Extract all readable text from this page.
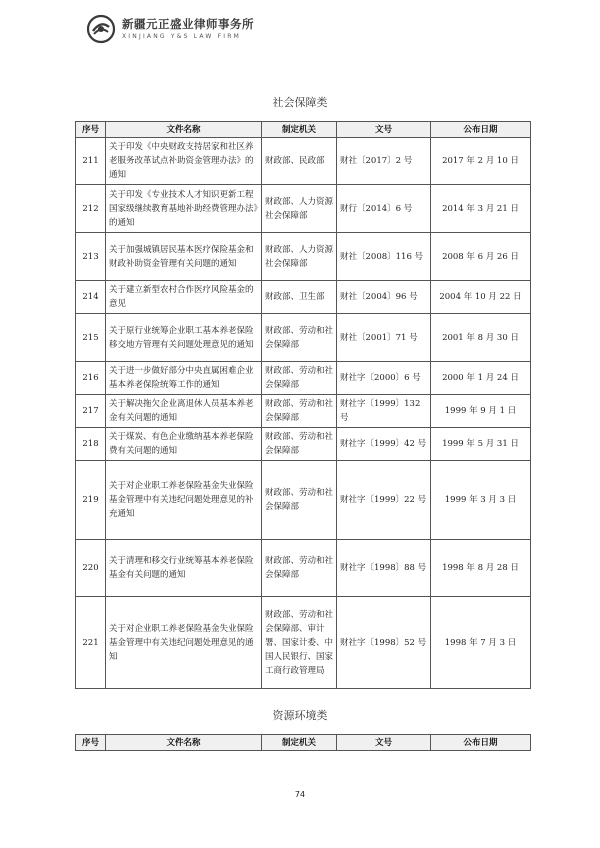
新疆元正盛业律师事务所
XINJIANG Y&S LAW FIRM
社会保障类
序号	文件名称	制定机关	文号	公布日期
211	关于印发《中央财政支持居家和社区养老服务改革试点补助资金管理办法》的通知	财政部、民政部	财社〔2017〕2 号	2017 年 2 月 10 日
212	关于印发《专业技术人才知识更新工程国家级继续教育基地补助经费管理办法》的通知	财政部、人力资源社会保障部	财行〔2014〕6 号	2014 年 3 月 21 日
213	关于加强城镇居民基本医疗保险基金和财政补助资金管理有关问题的通知	财政部、人力资源社会保障部	财社〔2008〕116 号	2008 年 6 月 26 日
214	关于建立新型农村合作医疗风险基金的意见	财政部、卫生部	财社〔2004〕96 号	2004 年 10 月 22 日
215	关于原行业统筹企业职工基本养老保险移交地方管理有关问题处理意见的通知	财政部、劳动和社会保障部	财社〔2001〕71 号	2001 年 8 月 30 日
216	关于进一步做好部分中央直属困难企业基本养老保险统筹工作的通知	财政部、劳动和社会保障部	财社字〔2000〕6 号	2000 年 1 月 24 日
217	关于解决拖欠企业离退休人员基本养老金有关问题的通知	财政部、劳动和社会保障部	财社字〔1999〕132 号	1999 年 9 月 1 日
218	关于煤炭、有色企业缴纳基本养老保险费有关问题的通知	财政部、劳动和社会保障部	财社字〔1999〕42 号	1999 年 5 月 31 日
219	关于对企业职工养老保险基金失业保险基金管理中有关违纪问题处理意见的补充通知	财政部、劳动和社会保障部	财社字〔1999〕22 号	1999 年 3 月 3 日
220	关于清理和移交行业统筹基本养老保险基金有关问题的通知	财政部、劳动和社会保障部	财社字〔1998〕88 号	1998 年 8 月 28 日
221	关于对企业职工养老保险基金失业保险基金管理中有关违纪问题处理意见的通知	财政部、劳动和社会保障部、审计署、国家计委、中国人民银行、国家工商行政管理局	财社字〔1998〕52 号	1998 年 7 月 3 日
资源环境类
序号	文件名称	制定机关	文号	公布日期
74
